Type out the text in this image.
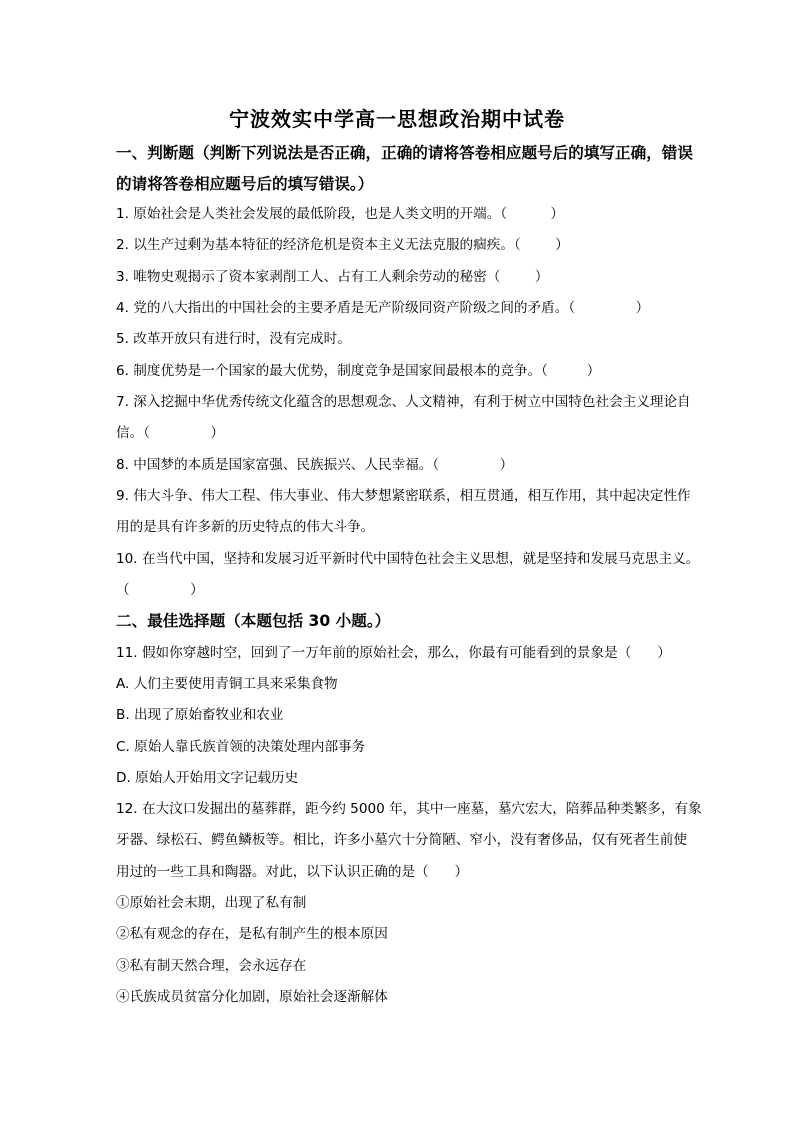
宁波效实中学高一思想政治期中试卷
一、判断题（判断下列说法是否正确，正确的请将答卷相应题号后的填写正确，错误
的请将答卷相应题号后的填写错误。）
1. 原始社会是人类社会发展的最低阶段，也是人类文明的开端。（          ）
2. 以生产过剩为基本特征的经济危机是资本主义无法克服的痼疾。（        ）
3. 唯物史观揭示了资本家剥削工人、占有工人剩余劳动的秘密（        ）
4. 党的八大指出的中国社会的主要矛盾是无产阶级同资产阶级之间的矛盾。（              ）
5. 改革开放只有进行时，没有完成时。
6. 制度优势是一个国家的最大优势，制度竞争是国家间最根本的竞争。（         ）
7. 深入挖掘中华优秀传统文化蕴含的思想观念、人文精神，有利于树立中国特色社会主义理论自
信。（              ）
8. 中国梦的本质是国家富强、民族振兴、人民幸福。（              ）
9. 伟大斗争、伟大工程、伟大事业、伟大梦想紧密联系，相互贯通，相互作用，其中起决定性作
用的是具有许多新的历史特点的伟大斗争。
10. 在当代中国，坚持和发展习近平新时代中国特色社会主义思想，就是坚持和发展马克思主义。
（              ）
二、最佳选择题（本题包括 30 小题。）
11. 假如你穿越时空，回到了一万年前的原始社会，那么，你最有可能看到的景象是（      ）
A. 人们主要使用青铜工具来采集食物
B. 出现了原始畜牧业和农业
C. 原始人靠氏族首领的决策处理内部事务
D. 原始人开始用文字记载历史
12. 在大汶口发掘出的墓葬群，距今约 5000 年，其中一座墓，墓穴宏大，陪葬品种类繁多，有象
牙器、绿松石、鳄鱼鳞板等。相比，许多小墓穴十分简陋、窄小，没有奢侈品，仅有死者生前使
用过的一些工具和陶器。对此，以下认识正确的是（      ）
①原始社会末期，出现了私有制
②私有观念的存在，是私有制产生的根本原因
③私有制天然合理，会永远存在
④氏族成员贫富分化加剧，原始社会逐渐解体
